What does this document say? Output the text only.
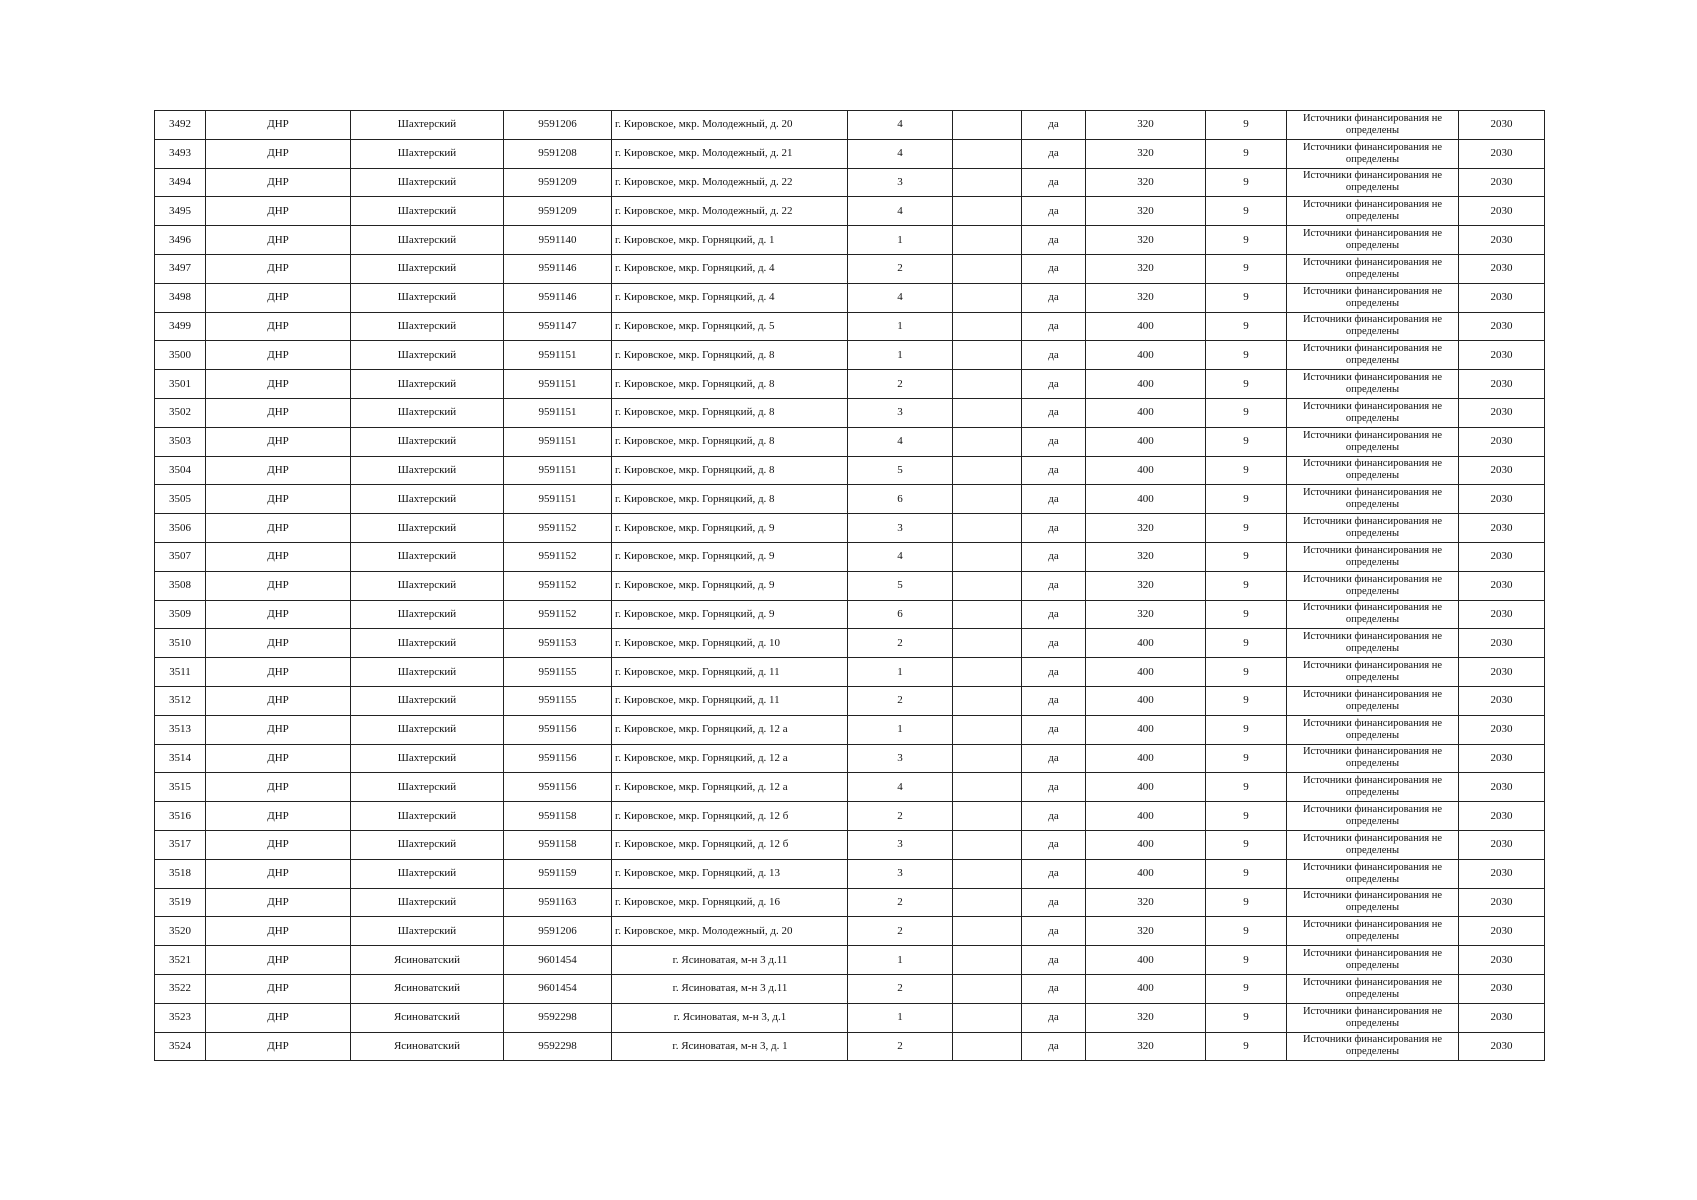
3492	ДНР	Шахтерский	9591206	г. Кировское, мкр. Молодежный, д. 20	4		да	320	9	Источники финансирования не определены	2030
3493	ДНР	Шахтерский	9591208	г. Кировское, мкр. Молодежный, д. 21	4		да	320	9	Источники финансирования не определены	2030
3494	ДНР	Шахтерский	9591209	г. Кировское, мкр. Молодежный, д. 22	3		да	320	9	Источники финансирования не определены	2030
3495	ДНР	Шахтерский	9591209	г. Кировское, мкр. Молодежный, д. 22	4		да	320	9	Источники финансирования не определены	2030
3496	ДНР	Шахтерский	9591140	г. Кировское, мкр. Горняцкий, д. 1	1		да	320	9	Источники финансирования не определены	2030
3497	ДНР	Шахтерский	9591146	г. Кировское, мкр. Горняцкий, д. 4	2		да	320	9	Источники финансирования не определены	2030
3498	ДНР	Шахтерский	9591146	г. Кировское, мкр. Горняцкий, д. 4	4		да	320	9	Источники финансирования не определены	2030
3499	ДНР	Шахтерский	9591147	г. Кировское, мкр. Горняцкий, д. 5	1		да	400	9	Источники финансирования не определены	2030
3500	ДНР	Шахтерский	9591151	г. Кировское, мкр. Горняцкий, д. 8	1		да	400	9	Источники финансирования не определены	2030
3501	ДНР	Шахтерский	9591151	г. Кировское, мкр. Горняцкий, д. 8	2		да	400	9	Источники финансирования не определены	2030
3502	ДНР	Шахтерский	9591151	г. Кировское, мкр. Горняцкий, д. 8	3		да	400	9	Источники финансирования не определены	2030
3503	ДНР	Шахтерский	9591151	г. Кировское, мкр. Горняцкий, д. 8	4		да	400	9	Источники финансирования не определены	2030
3504	ДНР	Шахтерский	9591151	г. Кировское, мкр. Горняцкий, д. 8	5		да	400	9	Источники финансирования не определены	2030
3505	ДНР	Шахтерский	9591151	г. Кировское, мкр. Горняцкий, д. 8	6		да	400	9	Источники финансирования не определены	2030
3506	ДНР	Шахтерский	9591152	г. Кировское, мкр. Горняцкий, д. 9	3		да	320	9	Источники финансирования не определены	2030
3507	ДНР	Шахтерский	9591152	г. Кировское, мкр. Горняцкий, д. 9	4		да	320	9	Источники финансирования не определены	2030
3508	ДНР	Шахтерский	9591152	г. Кировское, мкр. Горняцкий, д. 9	5		да	320	9	Источники финансирования не определены	2030
3509	ДНР	Шахтерский	9591152	г. Кировское, мкр. Горняцкий, д. 9	6		да	320	9	Источники финансирования не определены	2030
3510	ДНР	Шахтерский	9591153	г. Кировское, мкр. Горняцкий, д. 10	2		да	400	9	Источники финансирования не определены	2030
3511	ДНР	Шахтерский	9591155	г. Кировское, мкр. Горняцкий, д. 11	1		да	400	9	Источники финансирования не определены	2030
3512	ДНР	Шахтерский	9591155	г. Кировское, мкр. Горняцкий, д. 11	2		да	400	9	Источники финансирования не определены	2030
3513	ДНР	Шахтерский	9591156	г. Кировское, мкр. Горняцкий, д. 12 а	1		да	400	9	Источники финансирования не определены	2030
3514	ДНР	Шахтерский	9591156	г. Кировское, мкр. Горняцкий, д. 12 а	3		да	400	9	Источники финансирования не определены	2030
3515	ДНР	Шахтерский	9591156	г. Кировское, мкр. Горняцкий, д. 12 а	4		да	400	9	Источники финансирования не определены	2030
3516	ДНР	Шахтерский	9591158	г. Кировское, мкр. Горняцкий, д. 12 б	2		да	400	9	Источники финансирования не определены	2030
3517	ДНР	Шахтерский	9591158	г. Кировское, мкр. Горняцкий, д. 12 б	3		да	400	9	Источники финансирования не определены	2030
3518	ДНР	Шахтерский	9591159	г. Кировское, мкр. Горняцкий, д. 13	3		да	400	9	Источники финансирования не определены	2030
3519	ДНР	Шахтерский	9591163	г. Кировское, мкр. Горняцкий, д. 16	2		да	320	9	Источники финансирования не определены	2030
3520	ДНР	Шахтерский	9591206	г. Кировское, мкр. Молодежный, д. 20	2		да	320	9	Источники финансирования не определены	2030
3521	ДНР	Ясиноватский	9601454	г. Ясиноватая, м-н 3 д.11	1		да	400	9	Источники финансирования не определены	2030
3522	ДНР	Ясиноватский	9601454	г. Ясиноватая, м-н 3 д.11	2		да	400	9	Источники финансирования не определены	2030
3523	ДНР	Ясиноватский	9592298	г. Ясиноватая, м-н 3, д.1	1		да	320	9	Источники финансирования не определены	2030
3524	ДНР	Ясиноватский	9592298	г. Ясиноватая, м-н 3, д. 1	2		да	320	9	Источники финансирования не определены	2030
